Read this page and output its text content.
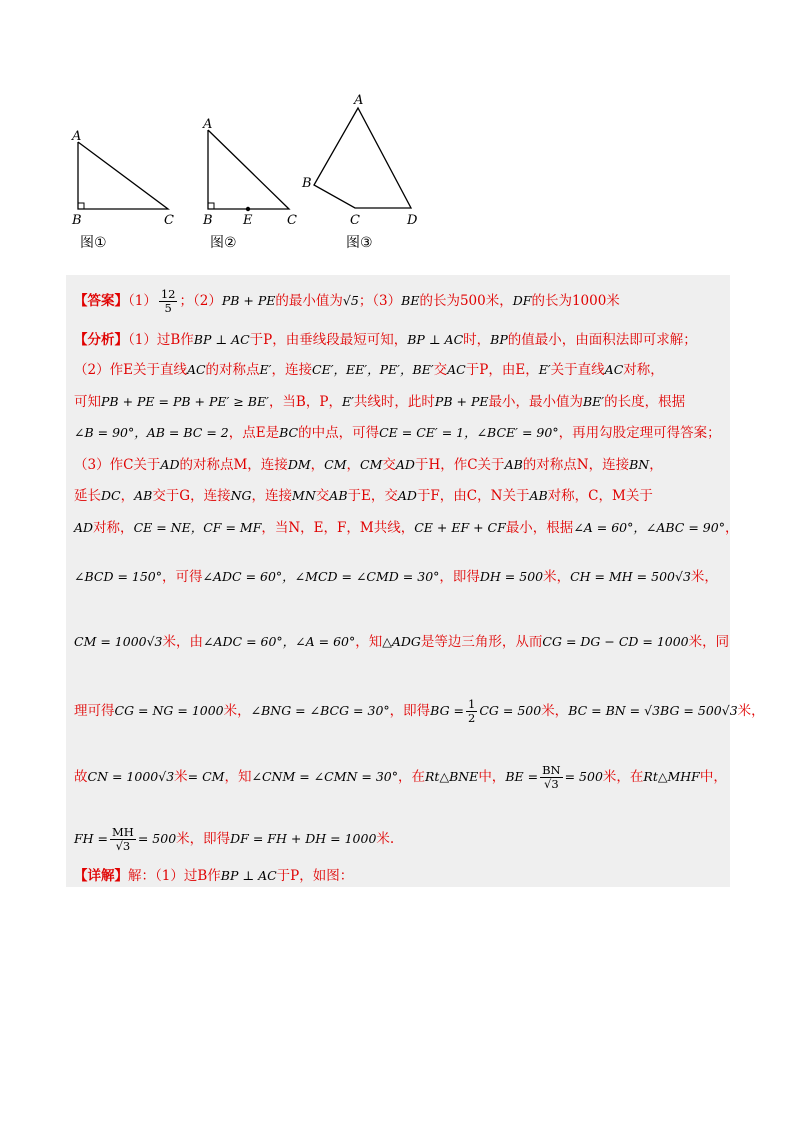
A
B	C
A
B E	C
A
B
C	D
图①	图②	图③
【答案】$(1) \frac{12}{5}$ ；（2）PB + PE的最小值为√5；（3）BE的长为500米，DF的长为1000米
【分析】（1）过B作BP ⊥ AC于P，由垂线段最短可知，BP ⊥ AC时，BP的值最小，由面积法即可求解；
（2）作E关于直线AC的对称点E′，连接CE′，EE′，PE′，BE′交AC于P，由E，E′关于直线AC对称，
可知PB + PE = PB + PE′ ≥ BE′，当B，P，E′共线时，此时PB + PE最小，最小值为BE′的长度，根据
∠B = 90°，AB = BC = 2，点E是BC的中点，可得CE = CE′ = 1，∠BCE′ = 90°，再用勾股定理可得答案；
（3）作C关于AD的对称点M，连接DM，CM，CM交AD于H，作C关于AB的对称点N，连接BN，
延长DC，AB交于G，连接NG，连接MN交AB于E，交AD于F，由C，N关于AB对称，C，M关于
AD对称，CE = NE，CF = MF，当N，E，F，M共线，CE + EF + CF最小，根据∠A = 60°，∠ABC = 90°，
∠BCD = 150°，可得∠ADC = 60°，∠MCD = ∠CMD = 30°，即得DH = 500米，CH = MH = 500√3米，
CM = 1000√3米，由∠ADC = 60°，∠A = 60°，知△ADG是等边三角形，从而CG = DG − CD = 1000米，同
理可得CG = NG = 1000米，∠BNG = ∠BCG = 30°，即得BG = $\frac{1}{2}$ CG = 500米，BC = BN = √3BG = 500√3米，
故CN = 1000√3米= CM，知∠CNM = ∠CMN = 30°，在Rt△BNE中，BE = $\frac{BN}{√3} = 500$米，在Rt△MHF中，
FH = $\frac{MH}{√3} = 500$米，即得DF = FH + DH = 1000米.
【详解】解：（1）过B作BP ⊥ AC于P，如图：
